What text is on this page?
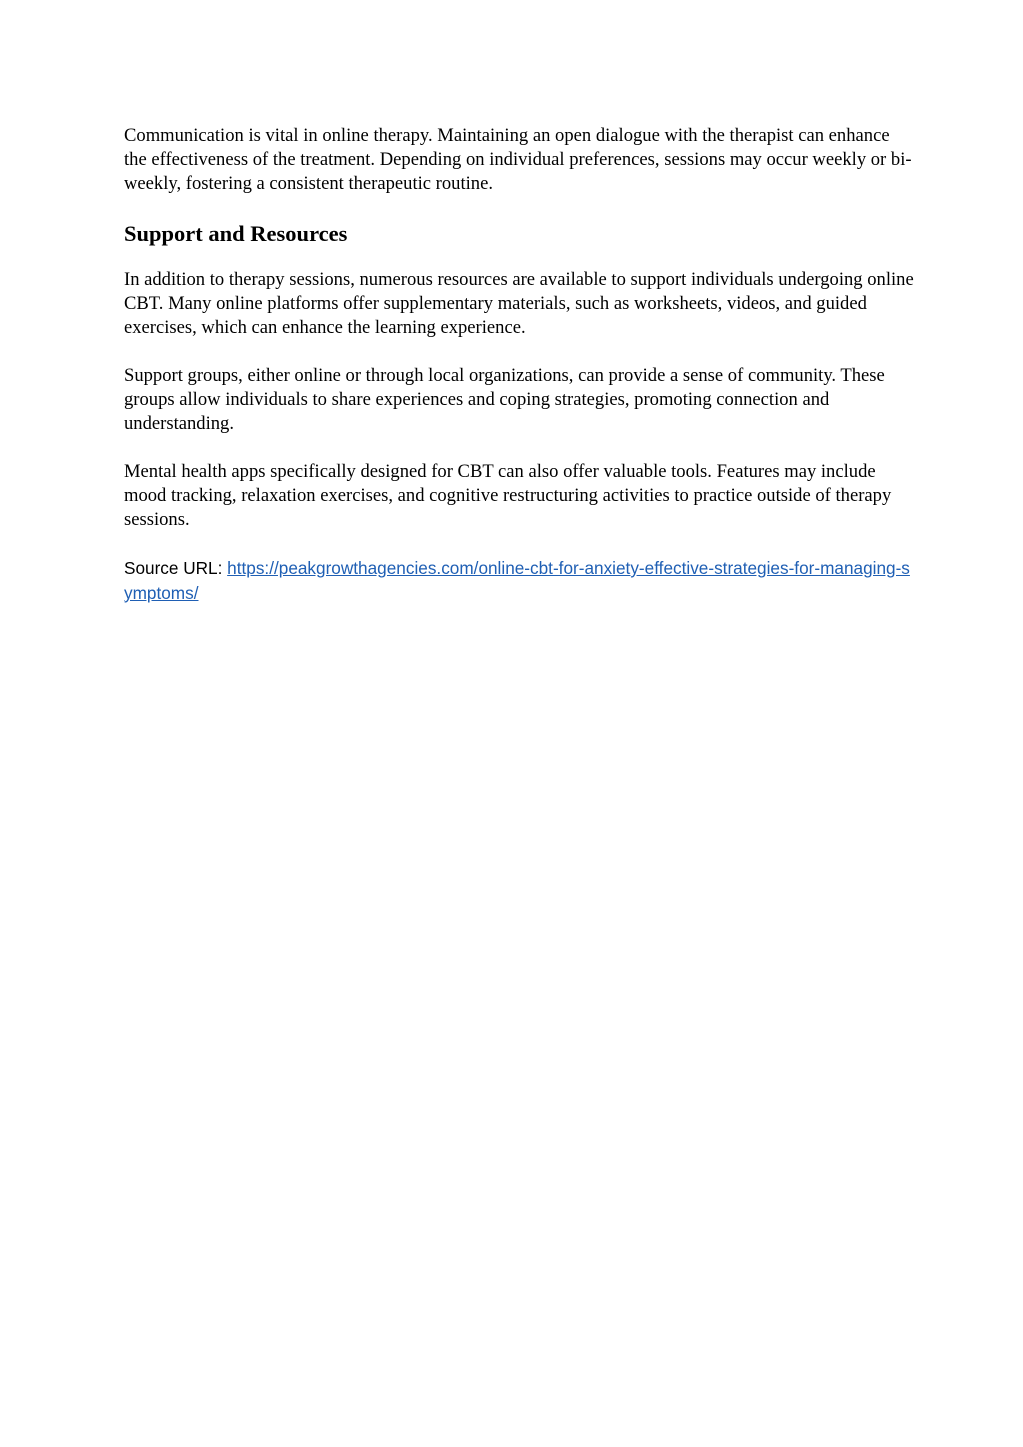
Communication is vital in online therapy. Maintaining an open dialogue with the therapist can enhance the effectiveness of the treatment. Depending on individual preferences, sessions may occur weekly or bi-weekly, fostering a consistent therapeutic routine.

Support and Resources

In addition to therapy sessions, numerous resources are available to support individuals undergoing online CBT. Many online platforms offer supplementary materials, such as worksheets, videos, and guided exercises, which can enhance the learning experience.

Support groups, either online or through local organizations, can provide a sense of community. These groups allow individuals to share experiences and coping strategies, promoting connection and understanding.

Mental health apps specifically designed for CBT can also offer valuable tools. Features may include mood tracking, relaxation exercises, and cognitive restructuring activities to practice outside of therapy sessions.

Source URL: https://peakgrowthagencies.com/online-cbt-for-anxiety-effective-strategies-for-managing-symptoms/
